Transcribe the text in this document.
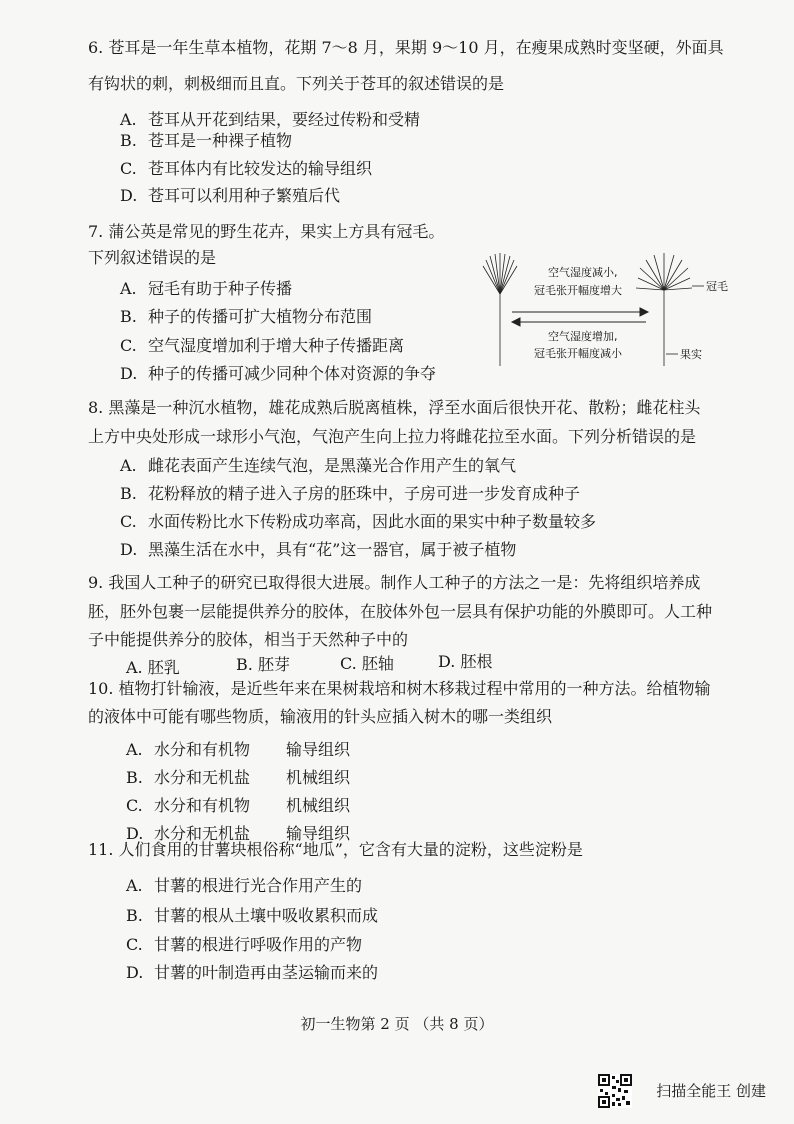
6. 苍耳是一年生草本植物，花期 7～8 月，果期 9～10 月，在瘦果成熟时变坚硬，外面具
有钩状的刺，刺极细而且直。下列关于苍耳的叙述错误的是
A. 苍耳从开花到结果，要经过传粉和受精
B. 苍耳是一种裸子植物
C. 苍耳体内有比较发达的输导组织
D. 苍耳可以利用种子繁殖后代
7. 蒲公英是常见的野生花卉，果实上方具有冠毛。
下列叙述错误的是
A. 冠毛有助于种子传播
B. 种子的传播可扩大植物分布范围
C. 空气湿度增加利于增大种子传播距离
D. 种子的传播可减少同种个体对资源的争夺
冠毛
果实
空气湿度减小,
冠毛张开幅度增大
空气湿度增加,
冠毛张开幅度减小
8. 黑藻是一种沉水植物，雄花成熟后脱离植株，浮至水面后很快开花、散粉；雌花柱头
上方中央处形成一球形小气泡，气泡产生向上拉力将雌花拉至水面。下列分析错误的是
A. 雌花表面产生连续气泡，是黑藻光合作用产生的氧气
B. 花粉释放的精子进入子房的胚珠中，子房可进一步发育成种子
C. 水面传粉比水下传粉成功率高，因此水面的果实中种子数量较多
D. 黑藻生活在水中，具有“花”这一器官，属于被子植物
9. 我国人工种子的研究已取得很大进展。制作人工种子的方法之一是：先将组织培养成
胚，胚外包裹一层能提供养分的胶体，在胶体外包一层具有保护功能的外膜即可。人工种
子中能提供养分的胶体，相当于天然种子中的
A. 胚乳	B. 胚芽	C. 胚轴	D. 胚根
10. 植物打针输液，是近些年来在果树栽培和树木移栽过程中常用的一种方法。给植物输
的液体中可能有哪些物质，输液用的针头应插入树木的哪一类组织
A. 水分和有机物 输导组织
B. 水分和无机盐 机械组织
C. 水分和有机物 机械组织
D. 水分和无机盐 输导组织
11. 人们食用的甘薯块根俗称“地瓜”，它含有大量的淀粉，这些淀粉是
A. 甘薯的根进行光合作用产生的
B. 甘薯的根从土壤中吸收累积而成
C. 甘薯的根进行呼吸作用的产物
D. 甘薯的叶制造再由茎运输而来的
初一生物第 2 页 （共 8 页）
扫描全能王 创建
